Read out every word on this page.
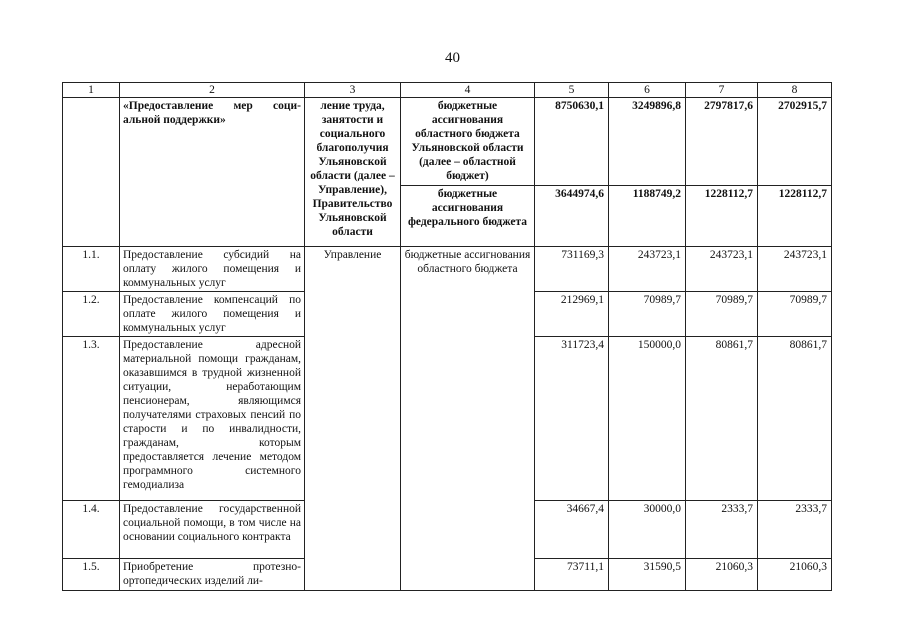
40
1	2	3	4	5	6	7	8
	«Предоставление мер соци-альной поддержки»	ление труда, занятости и социального благополучия Ульяновской области (далее – Управление), Правительство Ульяновской области	бюджетные ассигнования областного бюджета Ульяновской области (далее – областной бюджет)	8750630,1	3249896,8	2797817,6	2702915,7
			бюджетные ассигнования федерального бюджета	3644974,6	1188749,2	1228112,7	1228112,7
1.1.	Предоставление субсидий на оплату жилого помещения и коммунальных услуг	Управление	бюджетные ассигнования областного бюджета	731169,3	243723,1	243723,1	243723,1
1.2.	Предоставление компенсаций по оплате жилого помещения и коммунальных услуг			212969,1	70989,7	70989,7	70989,7
1.3.	Предоставление адресной материальной помощи гражданам, оказавшимся в трудной жизненной ситуации, неработающим пенсионерам, являющимся получателями страховых пенсий по старости и по инвалидности, гражданам, которым предоставляется лечение методом программного системного гемодиализа			311723,4	150000,0	80861,7	80861,7
1.4.	Предоставление государственной социальной помощи, в том числе на основании социального контракта			34667,4	30000,0	2333,7	2333,7
1.5.	Приобретение протезно-ортопедических изделий ли-			73711,1	31590,5	21060,3	21060,3
